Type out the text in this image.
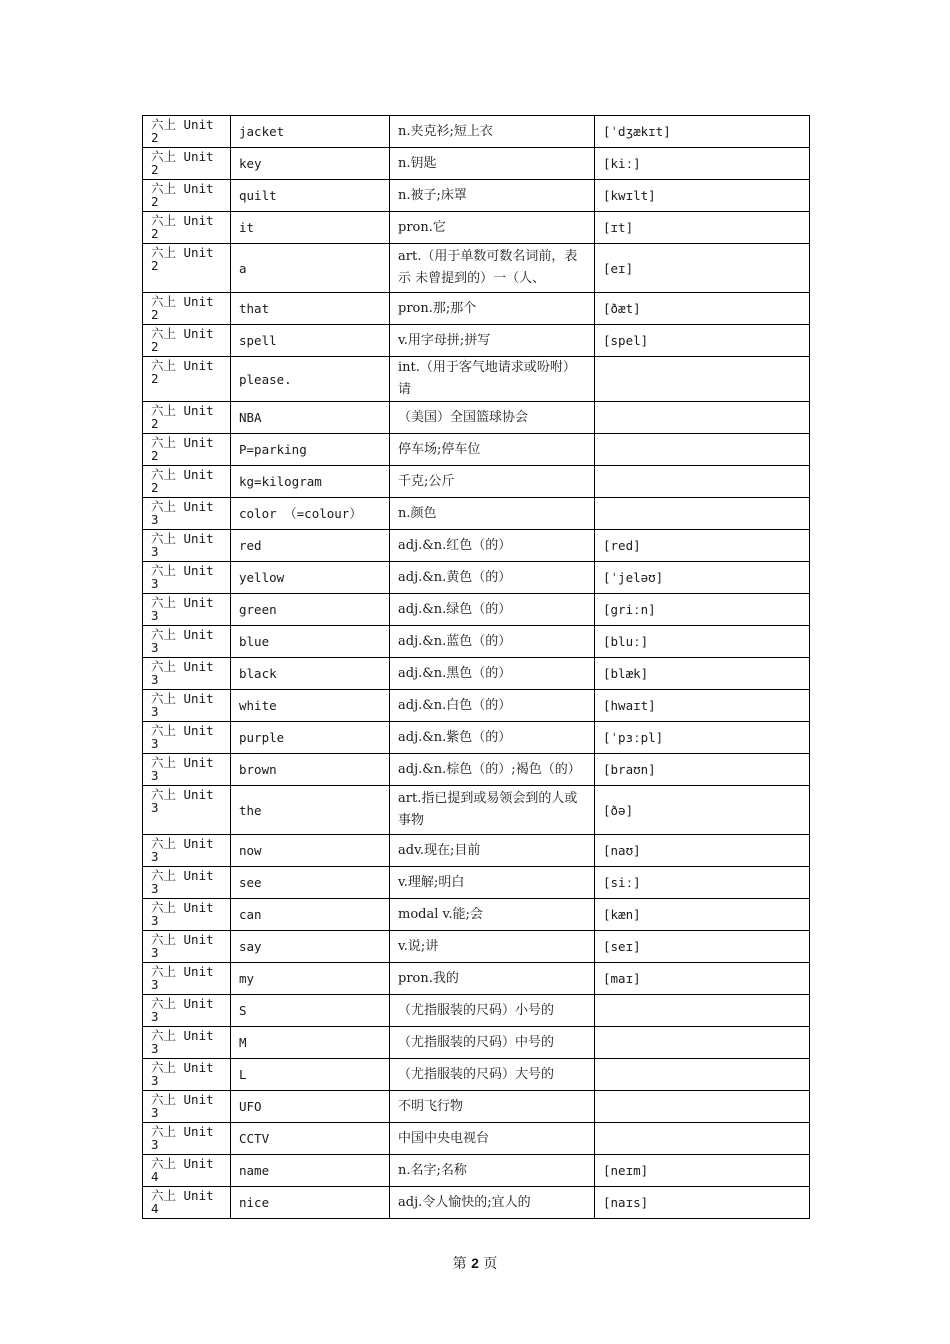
六上 Unit 2	jacket	n.夹克衫;短上衣	[ˈdʒækɪt]
六上 Unit 2	key	n.钥匙	[kiː]
六上 Unit 2	quilt	n.被子;床罩	[kwɪlt]
六上 Unit 2	it	pron.它	[ɪt]
六上 Unit 2	a	art.（用于单数可数名词前，表示 未曾提到的）一（人、	[eɪ]
六上 Unit 2	that	pron.那;那个	[ðæt]
六上 Unit 2	spell	v.用字母拼;拼写	[spel]
六上 Unit 2	please.	int.（用于客气地请求或吩咐）请	
六上 Unit 2	NBA	（美国）全国篮球协会	
六上 Unit 2	P=parking	停车场;停车位	
六上 Unit 2	kg=kilogram	千克;公斤	
六上 Unit 3	color （=colour）	n.颜色	
六上 Unit 3	red	adj.&n.红色（的）	[red]
六上 Unit 3	yellow	adj.&n.黄色（的）	[ˈjeləʊ]
六上 Unit 3	green	adj.&n.绿色（的）	[griːn]
六上 Unit 3	blue	adj.&n.蓝色（的）	[bluː]
六上 Unit 3	black	adj.&n.黑色（的）	[blæk]
六上 Unit 3	white	adj.&n.白色（的）	[hwaɪt]
六上 Unit 3	purple	adj.&n.紫色（的）	[ˈpɜːpl]
六上 Unit 3	brown	adj.&n.棕色（的）;褐色（的）	[braʊn]
六上 Unit 3	the	art.指已提到或易领会到的人或 事物	[ðə]
六上 Unit 3	now	adv.现在;目前	[naʊ]
六上 Unit 3	see	v.理解;明白	[siː]
六上 Unit 3	can	modal v.能;会	[kæn]
六上 Unit 3	say	v.说;讲	[seɪ]
六上 Unit 3	my	pron.我的	[maɪ]
六上 Unit 3	S	（尤指服装的尺码）小号的	
六上 Unit 3	M	（尤指服装的尺码）中号的	
六上 Unit 3	L	（尤指服装的尺码）大号的	
六上 Unit 3	UFO	不明飞行物	
六上 Unit 3	CCTV	中国中央电视台	
六上 Unit 4	name	n.名字;名称	[neɪm]
六上 Unit 4	nice	adj.令人愉快的;宜人的	[naɪs]
第 2 页
